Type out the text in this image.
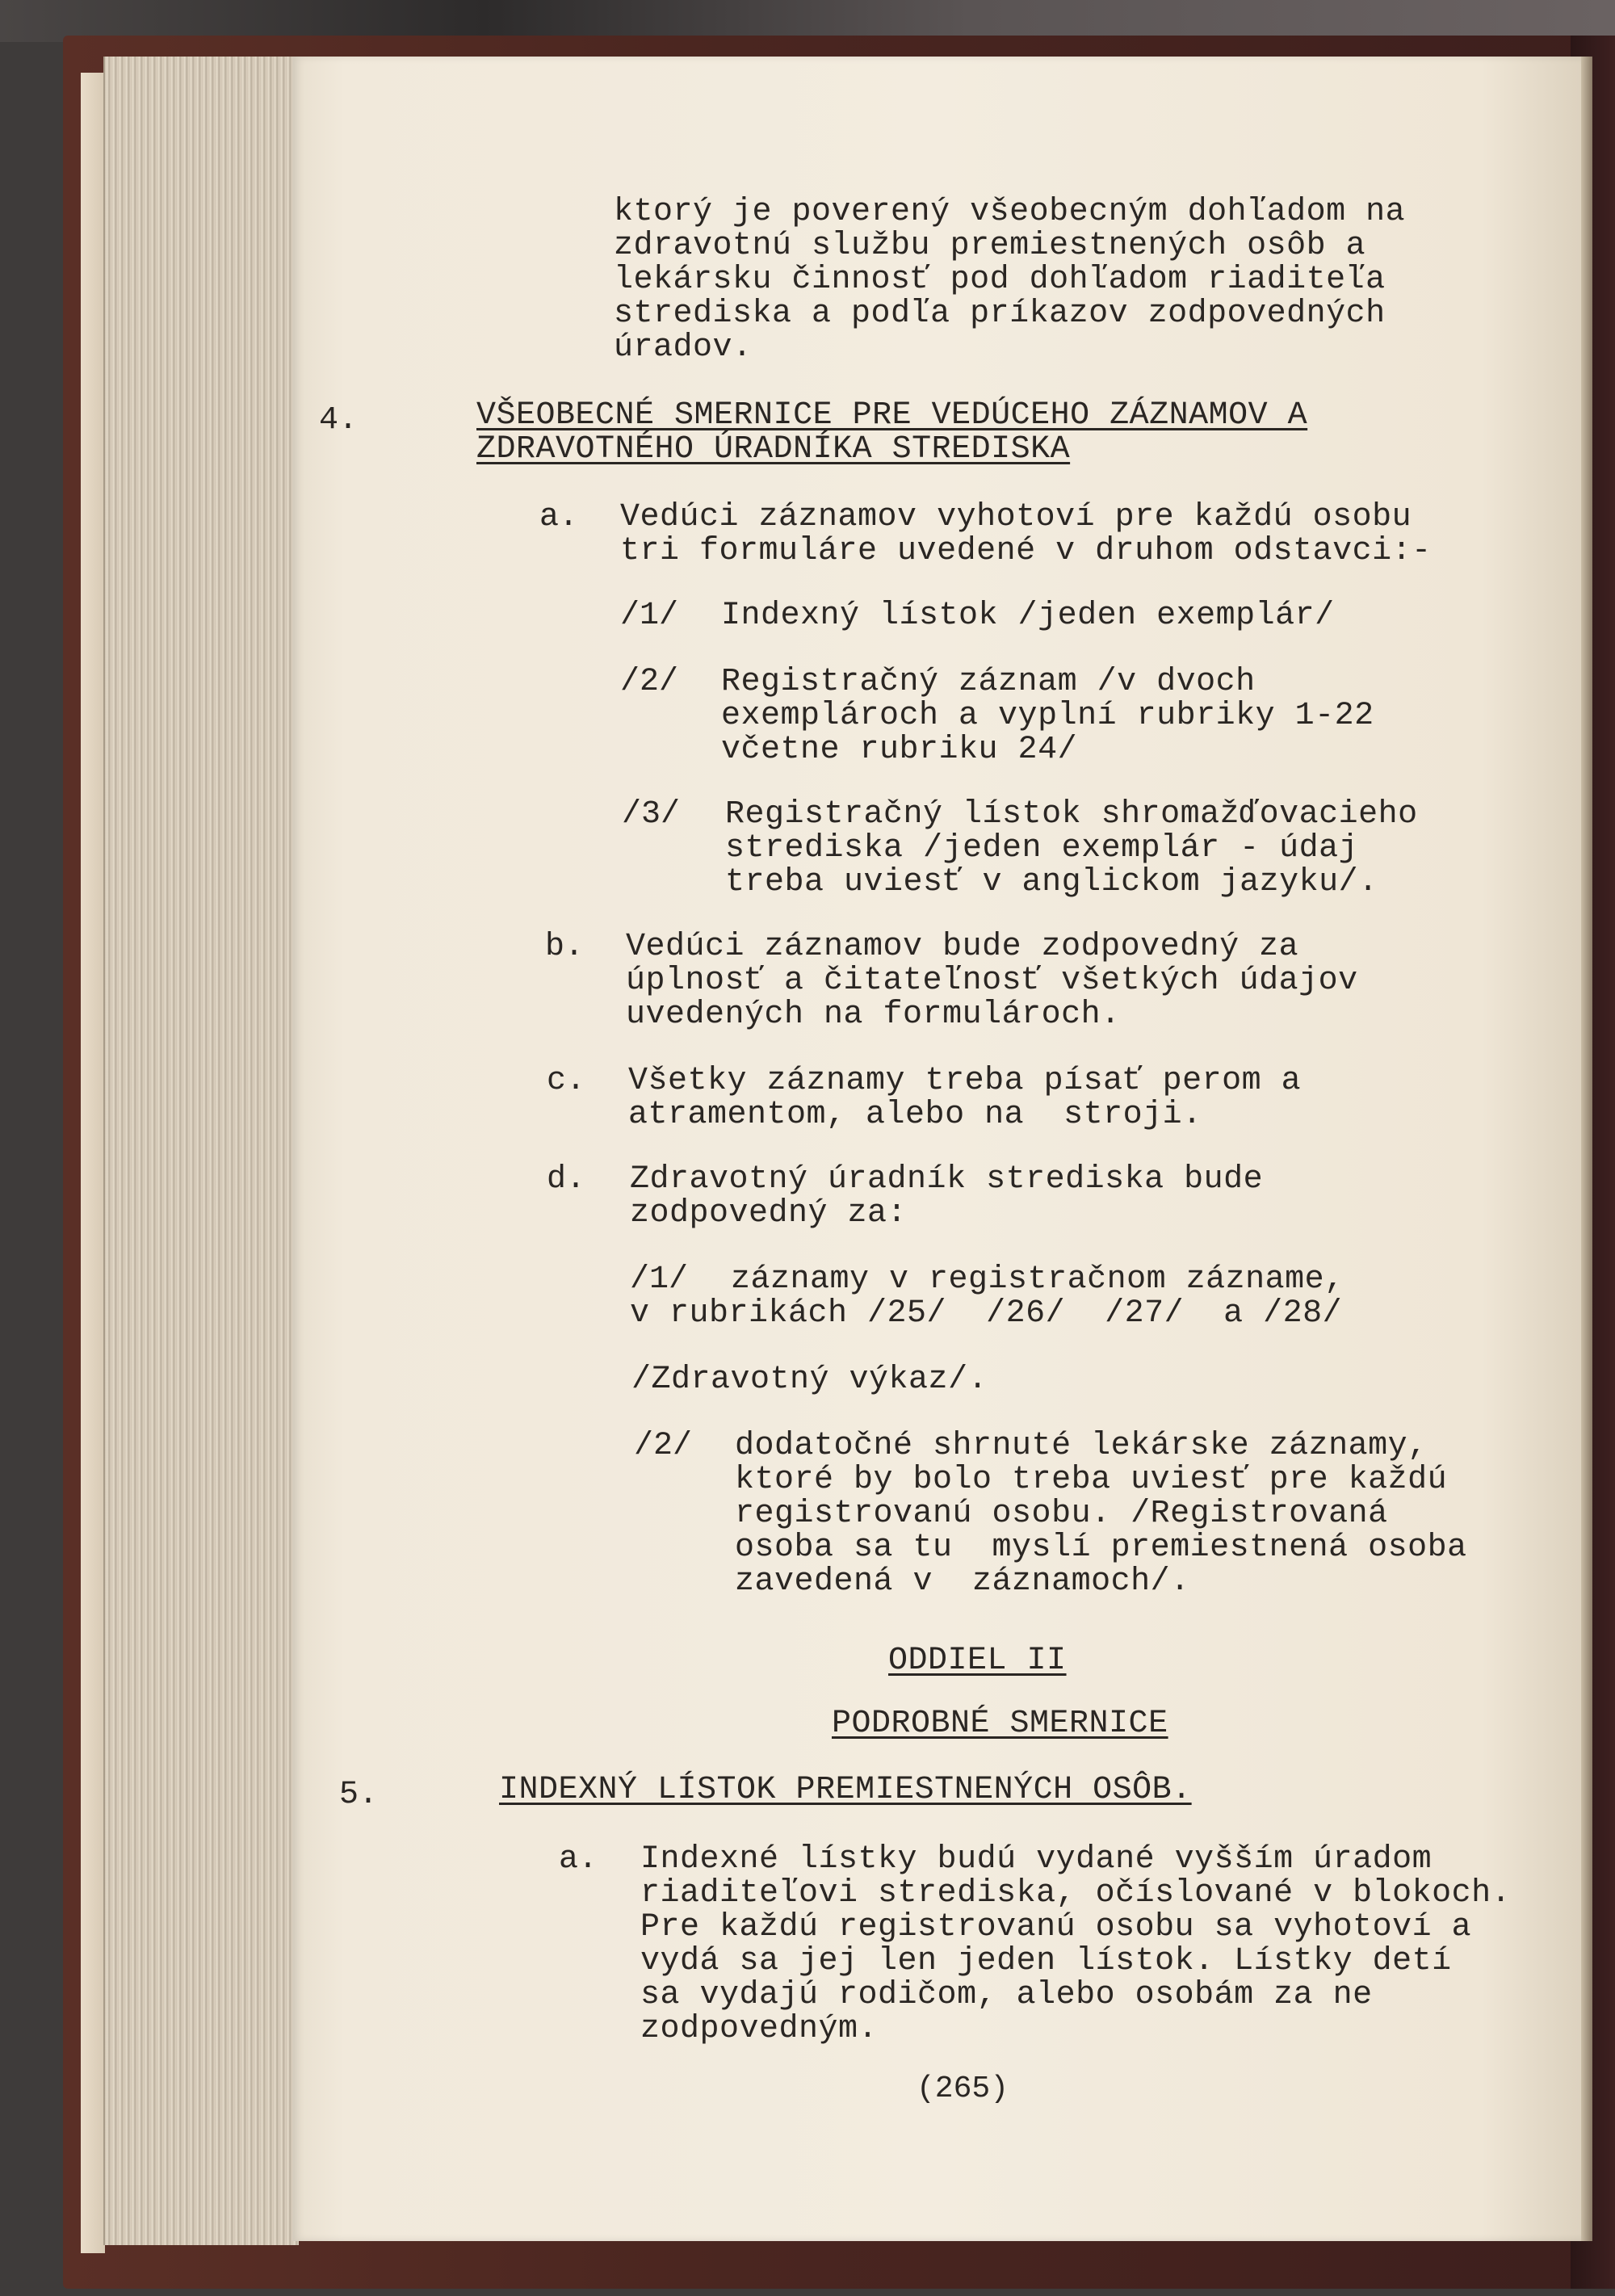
ktorý je poverený všeobecným dohľadom na

zdravotnú službu premiestnených osôb a

lekársku činnosť pod dohľadom riaditeľa

strediska a podľa príkazov zodpovedných

úradov.

4.	VŠEOBECNÉ SMERNICE PRE VEDÚCEHO ZÁZNAMOV A

ZDRAVOTNÉHO ÚRADNÍKA STREDISKA

a. Vedúci záznamov vyhotoví pre každú osobu

tri formuláre uvedené v druhom odstavci:-

/1/ Indexný lístok /jeden exemplár/

/2/ Registračný záznam /v dvoch

exemplároch a vyplní rubriky 1-22

včetne rubriku 24/

/3/ Registračný lístok shromažďovacieho

strediska /jeden exemplár - údaj

treba uviesť v anglickom jazyku/.

b. Vedúci záznamov bude zodpovedný za

úplnosť a čitateľnosť všetkých údajov

uvedených na formulároch.

c. Všetky záznamy treba písať perom a

atramentom, alebo na  stroji.

d. Zdravotný úradník strediska bude

zodpovedný za:

/1/ záznamy v registračnom zázname,

v rubrikách /25/  /26/  /27/  a /28/

/Zdravotný výkaz/.

/2/ dodatočné shrnuté lekárske záznamy,

ktoré by bolo treba uviesť pre každú

registrovanú osobu. /Registrovaná

osoba sa tu  myslí premiestnená osoba

zavedená v  záznamoch/.

ODDIEL II

PODROBNÉ SMERNICE

5.	INDEXNÝ LÍSTOK PREMIESTNENÝCH OSÔB.

a. Indexné lístky budú vydané vyšším úradom

riaditeľovi strediska, očíslované v blokoch.

Pre každú registrovanú osobu sa vyhotoví a

vydá sa jej len jeden lístok. Lístky detí

sa vydajú rodičom, alebo osobám za ne

zodpovedným.

(265)
